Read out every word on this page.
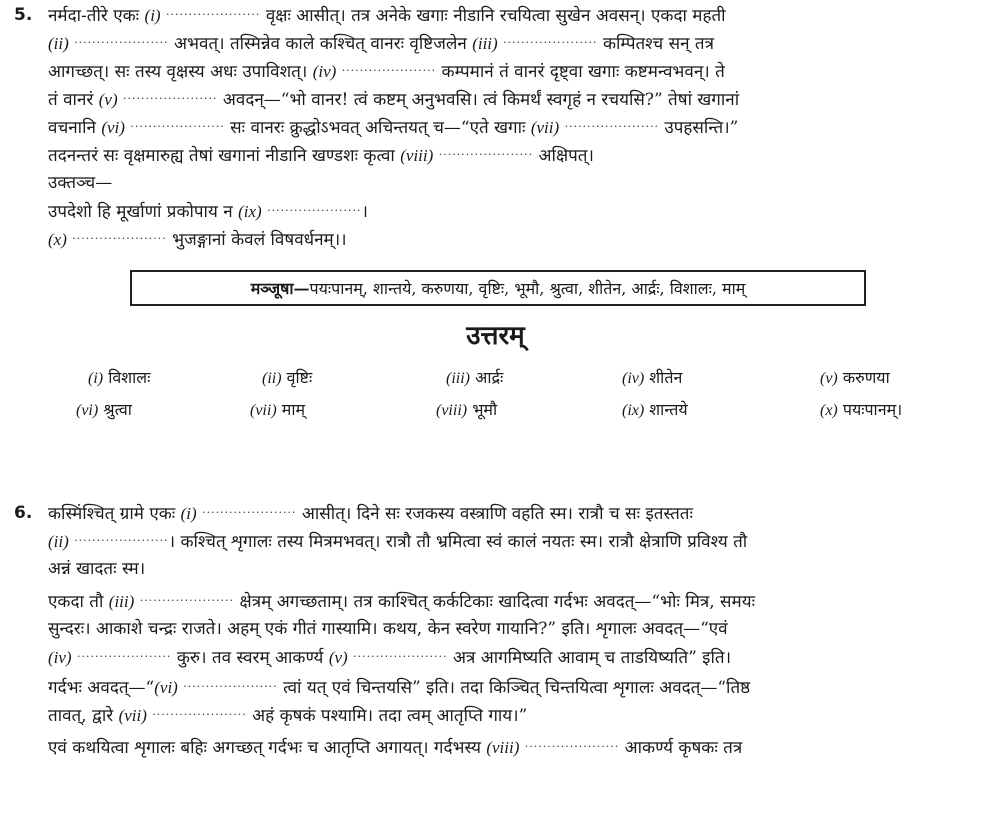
5. नर्मदा-तीरे एकः (i) ····················· वृक्षः आसीत्। तत्र अनेके खगाः नीडानि रचयित्वा सुखेन अवसन्। एकदा महती
(ii) ····················· अभवत्। तस्मिन्नेव काले कश्चित् वानरः वृष्टिजलेन (iii) ····················· कम्पितश्च सन् तत्र
आगच्छत्। सः तस्य वृक्षस्य अधः उपाविशत्। (iv) ····················· कम्पमानं तं वानरं दृष्ट्वा खगाः कष्टमन्वभवन्। ते
तं वानरं (v) ····················· अवदन्—“भो वानर! त्वं कष्टम् अनुभवसि। त्वं किमर्थं स्वगृहं न रचयसि?” तेषां खगानां
वचनानि (vi) ····················· सः वानरः क्रुद्धोऽभवत् अचिन्तयत् च—“एते खगाः (vii) ····················· उपहसन्ति।”
तदनन्तरं सः वृक्षमारुह्य तेषां खगानां नीडानि खण्डशः कृत्वा (viii) ····················· अक्षिपत्।
उक्तञ्च—
उपदेशो हि मूर्खाणां प्रकोपाय न (ix) ·····················।
(x) ····················· भुजङ्गानां केवलं विषवर्धनम्।।
मञ्जूषा— पयःपानम्, शान्तये, करुणया, वृष्टिः, भूमौ, श्रुत्वा, शीतेन, आर्द्रः, विशालः, माम्
उत्तरम्
(i) विशालः	(ii) वृष्टिः	(iii) आर्द्रः	(iv) शीतेन	(v) करुणया
(vi) श्रुत्वा	(vii) माम्	(viii) भूमौ	(ix) शान्तये	(x) पयःपानम्।
6. कस्मिंश्चित् ग्रामे एकः (i) ····················· आसीत्। दिने सः रजकस्य वस्त्राणि वहति स्म। रात्रौ च सः इतस्ततः
(ii) ·····················। कश्चित् शृगालः तस्य मित्रमभवत्। रात्रौ तौ भ्रमित्वा स्वं कालं नयतः स्म। रात्रौ क्षेत्राणि प्रविश्य तौ
अन्नं खादतः स्म।
एकदा तौ (iii) ····················· क्षेत्रम् अगच्छताम्। तत्र काश्चित् कर्कटिकाः खादित्वा गर्दभः अवदत्—“भोः मित्र, समयः
सुन्दरः। आकाशे चन्द्रः राजते। अहम् एकं गीतं गास्यामि। कथय, केन स्वरेण गायानि?” इति। शृगालः अवदत्—“एवं
(iv) ····················· कुरु। तव स्वरम् आकर्ण्य (v) ····················· अत्र आगमिष्यति आवाम् च ताडयिष्यति” इति।
गर्दभः अवदत्—“(vi) ····················· त्वां यत् एवं चिन्तयसि” इति। तदा किञ्चित् चिन्तयित्वा शृगालः अवदत्—“तिष्ठ
तावत्, द्वारे (vii) ····················· अहं कृषकं पश्यामि। तदा त्वम् आतृप्ति गाय।”
एवं कथयित्वा शृगालः बहिः अगच्छत् गर्दभः च आतृप्ति अगायत्। गर्दभस्य (viii) ····················· आकर्ण्य कृषकः तत्र
